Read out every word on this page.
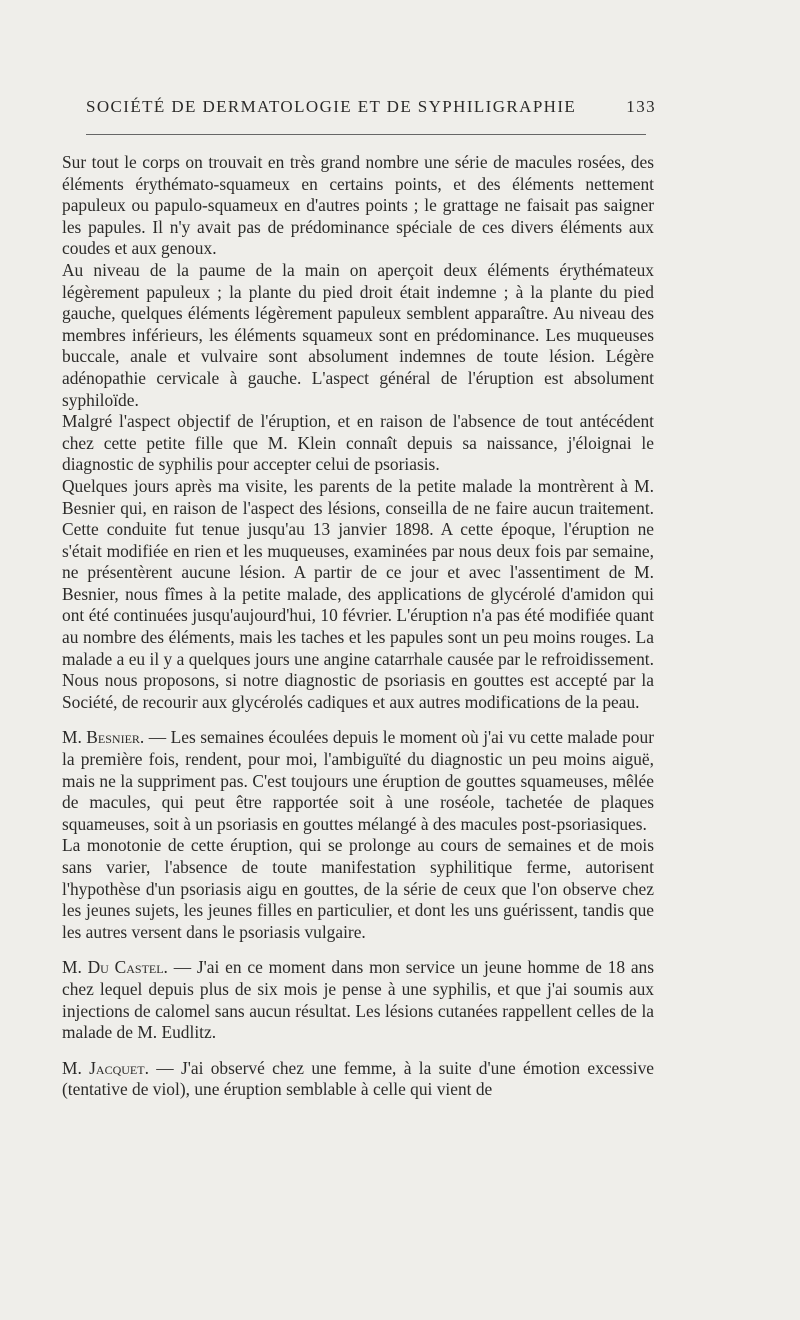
SOCIÉTÉ DE DERMATOLOGIE ET DE SYPHILIGRAPHIE	133

Sur tout le corps on trouvait en très grand nombre une série de macules rosées, des éléments érythémato-squameux en certains points, et des éléments nettement papuleux ou papulo-squameux en d'autres points ; le grattage ne faisait pas saigner les papules. Il n'y avait pas de prédominance spéciale de ces divers éléments aux coudes et aux genoux.

Au niveau de la paume de la main on aperçoit deux éléments érythémateux légèrement papuleux ; la plante du pied droit était indemne ; à la plante du pied gauche, quelques éléments légèrement papuleux semblent apparaître. Au niveau des membres inférieurs, les éléments squameux sont en prédominance. Les muqueuses buccale, anale et vulvaire sont absolument indemnes de toute lésion. Légère adénopathie cervicale à gauche. L'aspect général de l'éruption est absolument syphiloïde.

Malgré l'aspect objectif de l'éruption, et en raison de l'absence de tout antécédent chez cette petite fille que M. Klein connaît depuis sa naissance, j'éloignai le diagnostic de syphilis pour accepter celui de psoriasis.

Quelques jours après ma visite, les parents de la petite malade la montrèrent à M. Besnier qui, en raison de l'aspect des lésions, conseilla de ne faire aucun traitement. Cette conduite fut tenue jusqu'au 13 janvier 1898. A cette époque, l'éruption ne s'était modifiée en rien et les muqueuses, examinées par nous deux fois par semaine, ne présentèrent aucune lésion. A partir de ce jour et avec l'assentiment de M. Besnier, nous fîmes à la petite malade, des applications de glycérolé d'amidon qui ont été continuées jusqu'aujourd'hui, 10 février. L'éruption n'a pas été modifiée quant au nombre des éléments, mais les taches et les papules sont un peu moins rouges. La malade a eu il y a quelques jours une angine catarrhale causée par le refroidissement. Nous nous proposons, si notre diagnostic de psoriasis en gouttes est accepté par la Société, de recourir aux glycérolés cadiques et aux autres modifications de la peau.

M. Besnier. — Les semaines écoulées depuis le moment où j'ai vu cette malade pour la première fois, rendent, pour moi, l'ambiguïté du diagnostic un peu moins aiguë, mais ne la suppriment pas. C'est toujours une éruption de gouttes squameuses, mêlée de macules, qui peut être rapportée soit à une roséole, tachetée de plaques squameuses, soit à un psoriasis en gouttes mélangé à des macules post-psoriasiques.

La monotonie de cette éruption, qui se prolonge au cours de semaines et de mois sans varier, l'absence de toute manifestation syphilitique ferme, autorisent l'hypothèse d'un psoriasis aigu en gouttes, de la série de ceux que l'on observe chez les jeunes sujets, les jeunes filles en particulier, et dont les uns guérissent, tandis que les autres versent dans le psoriasis vulgaire.

M. Du Castel. — J'ai en ce moment dans mon service un jeune homme de 18 ans chez lequel depuis plus de six mois je pense à une syphilis, et que j'ai soumis aux injections de calomel sans aucun résultat. Les lésions cutanées rappellent celles de la malade de M. Eudlitz.

M. Jacquet. — J'ai observé chez une femme, à la suite d'une émotion excessive (tentative de viol), une éruption semblable à celle qui vient de
